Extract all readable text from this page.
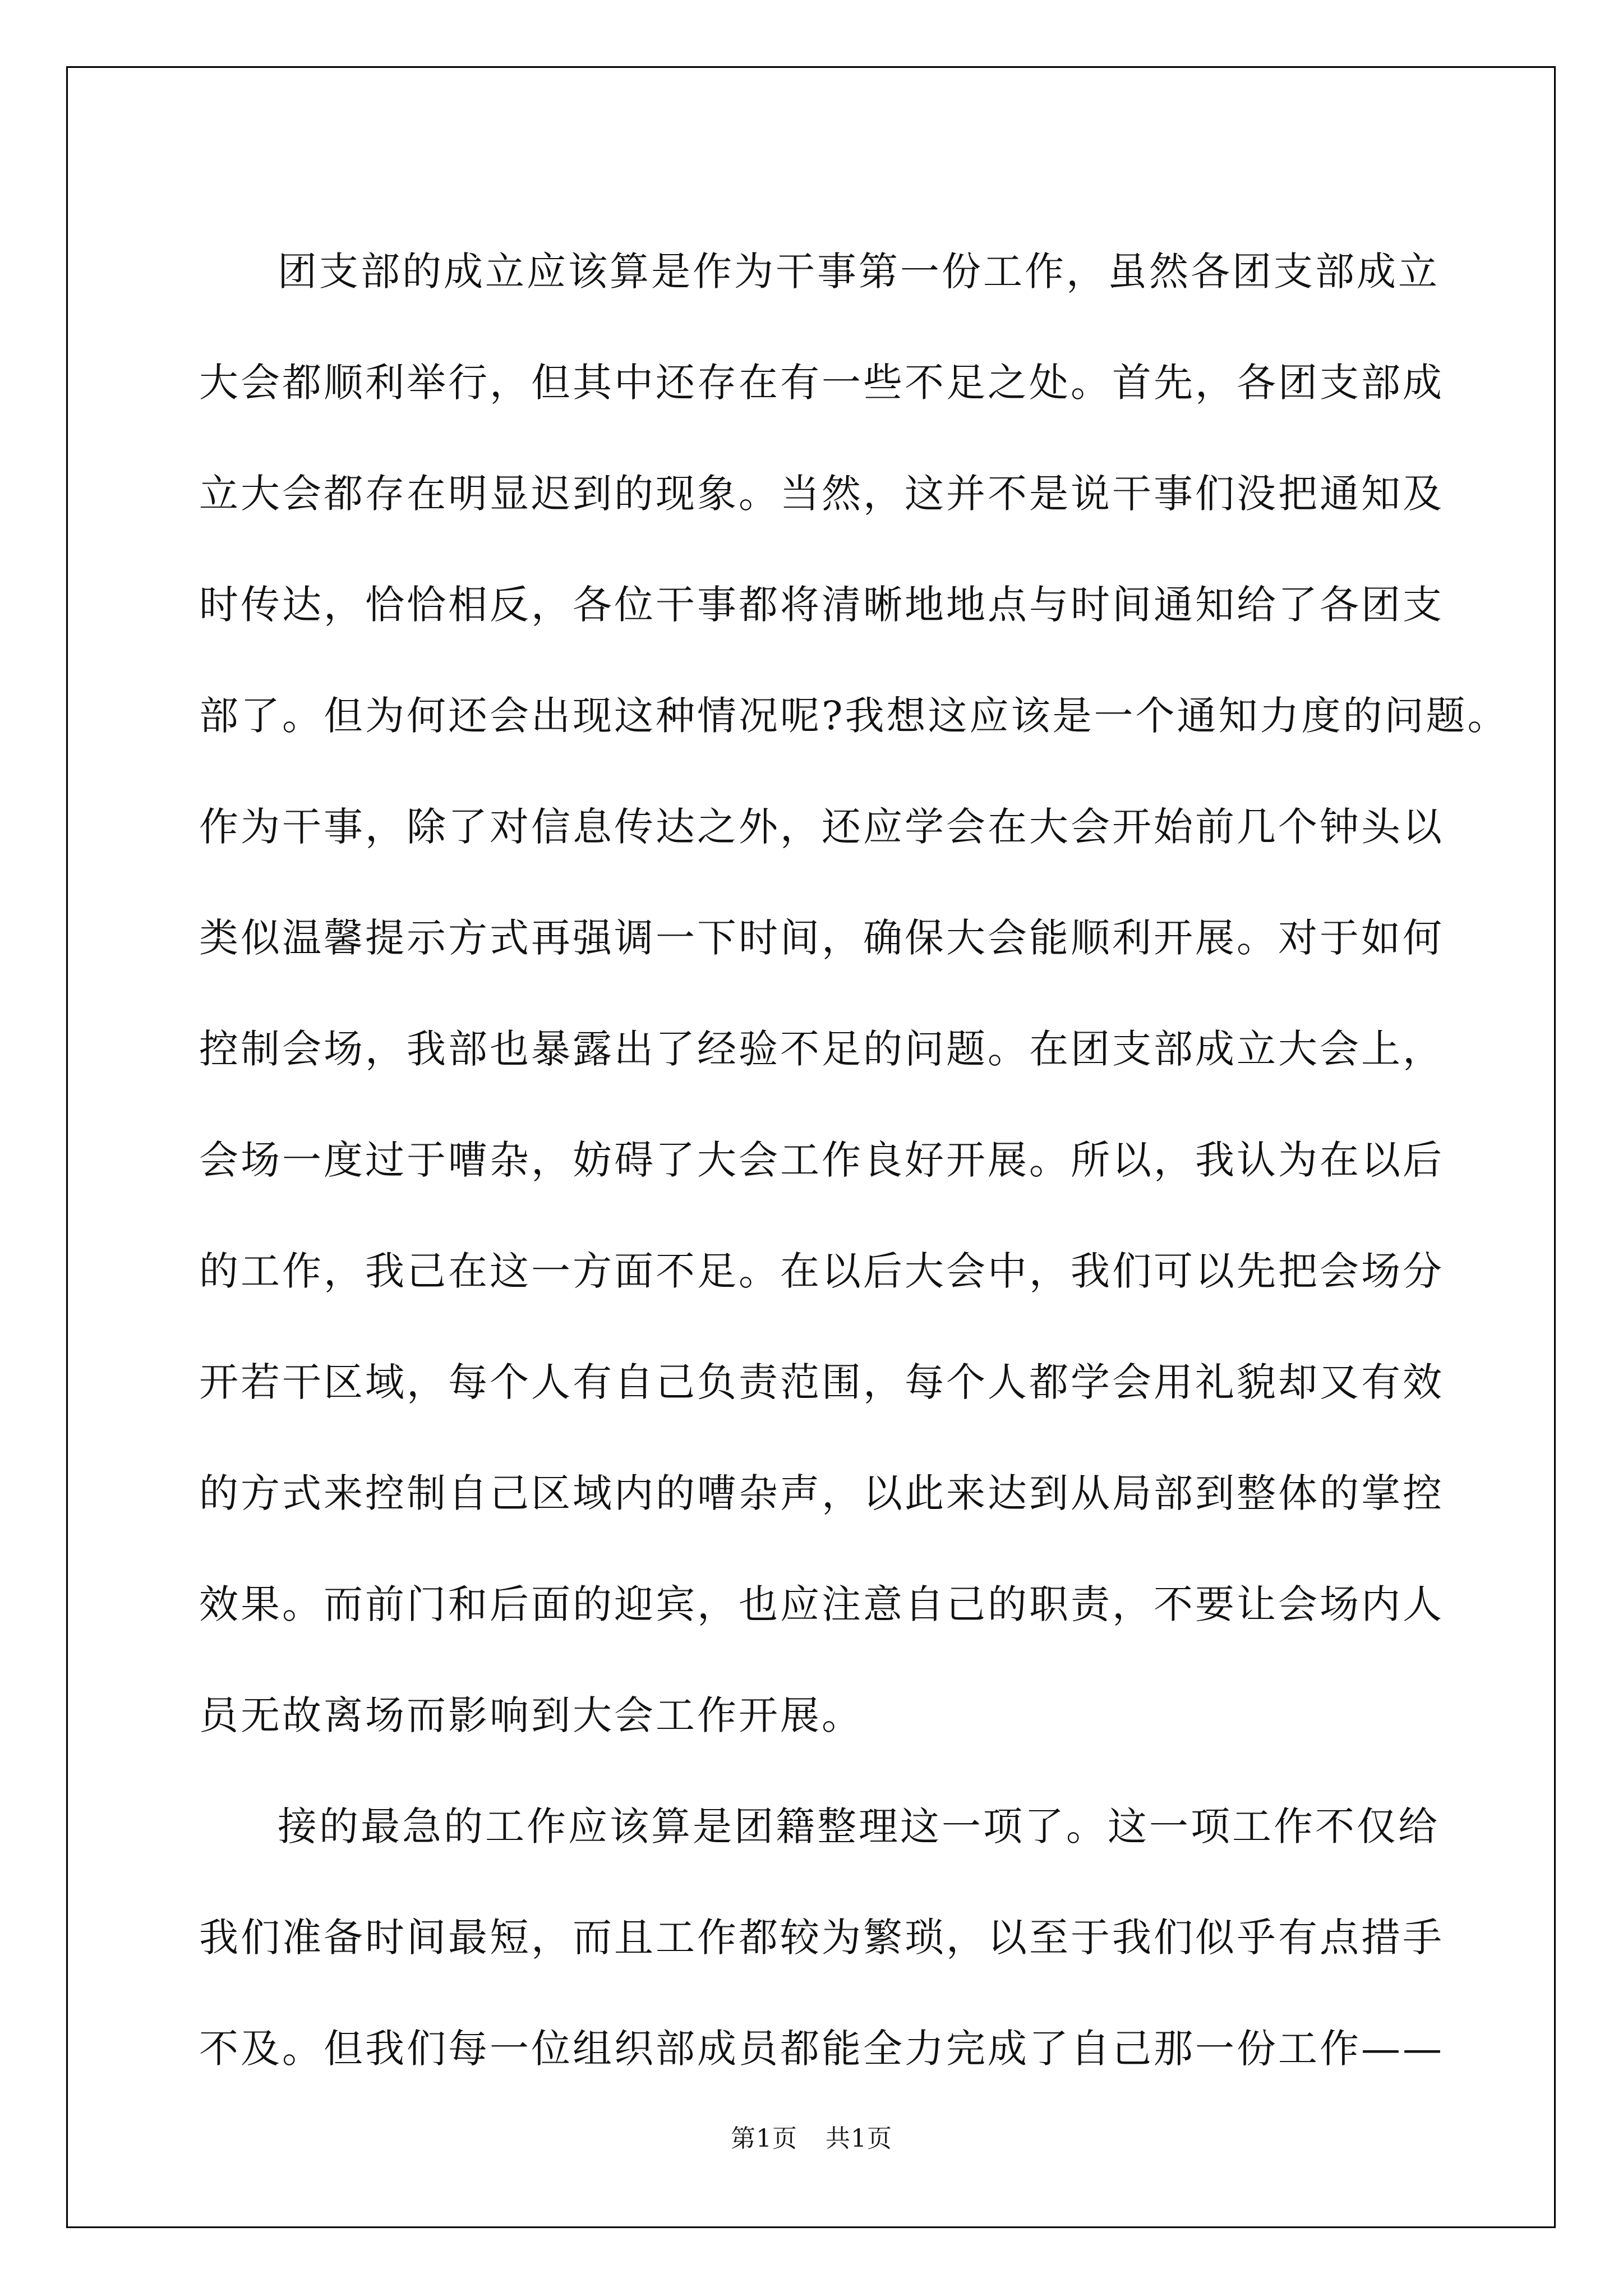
团支部的成立应该算是作为干事第一份工作，虽然各团支部成立
大会都顺利举行，但其中还存在有一些不足之处。首先，各团支部成
立大会都存在明显迟到的现象。当然，这并不是说干事们没把通知及
时传达，恰恰相反，各位干事都将清晰地地点与时间通知给了各团支
部了。但为何还会出现这种情况呢?我想这应该是一个通知力度的问题。
作为干事，除了对信息传达之外，还应学会在大会开始前几个钟头以
类似温馨提示方式再强调一下时间，确保大会能顺利开展。对于如何
控制会场，我部也暴露出了经验不足的问题。在团支部成立大会上，
会场一度过于嘈杂，妨碍了大会工作良好开展。所以，我认为在以后
的工作，我己在这一方面不足。在以后大会中，我们可以先把会场分
开若干区域，每个人有自己负责范围，每个人都学会用礼貌却又有效
的方式来控制自己区域内的嘈杂声，以此来达到从局部到整体的掌控
效果。而前门和后面的迎宾，也应注意自己的职责，不要让会场内人
员无故离场而影响到大会工作开展。
接的最急的工作应该算是团籍整理这一项了。这一项工作不仅给
我们准备时间最短，而且工作都较为繁琐，以至于我们似乎有点措手
不及。但我们每一位组织部成员都能全力完成了自己那一份工作——
第1页 共1页
